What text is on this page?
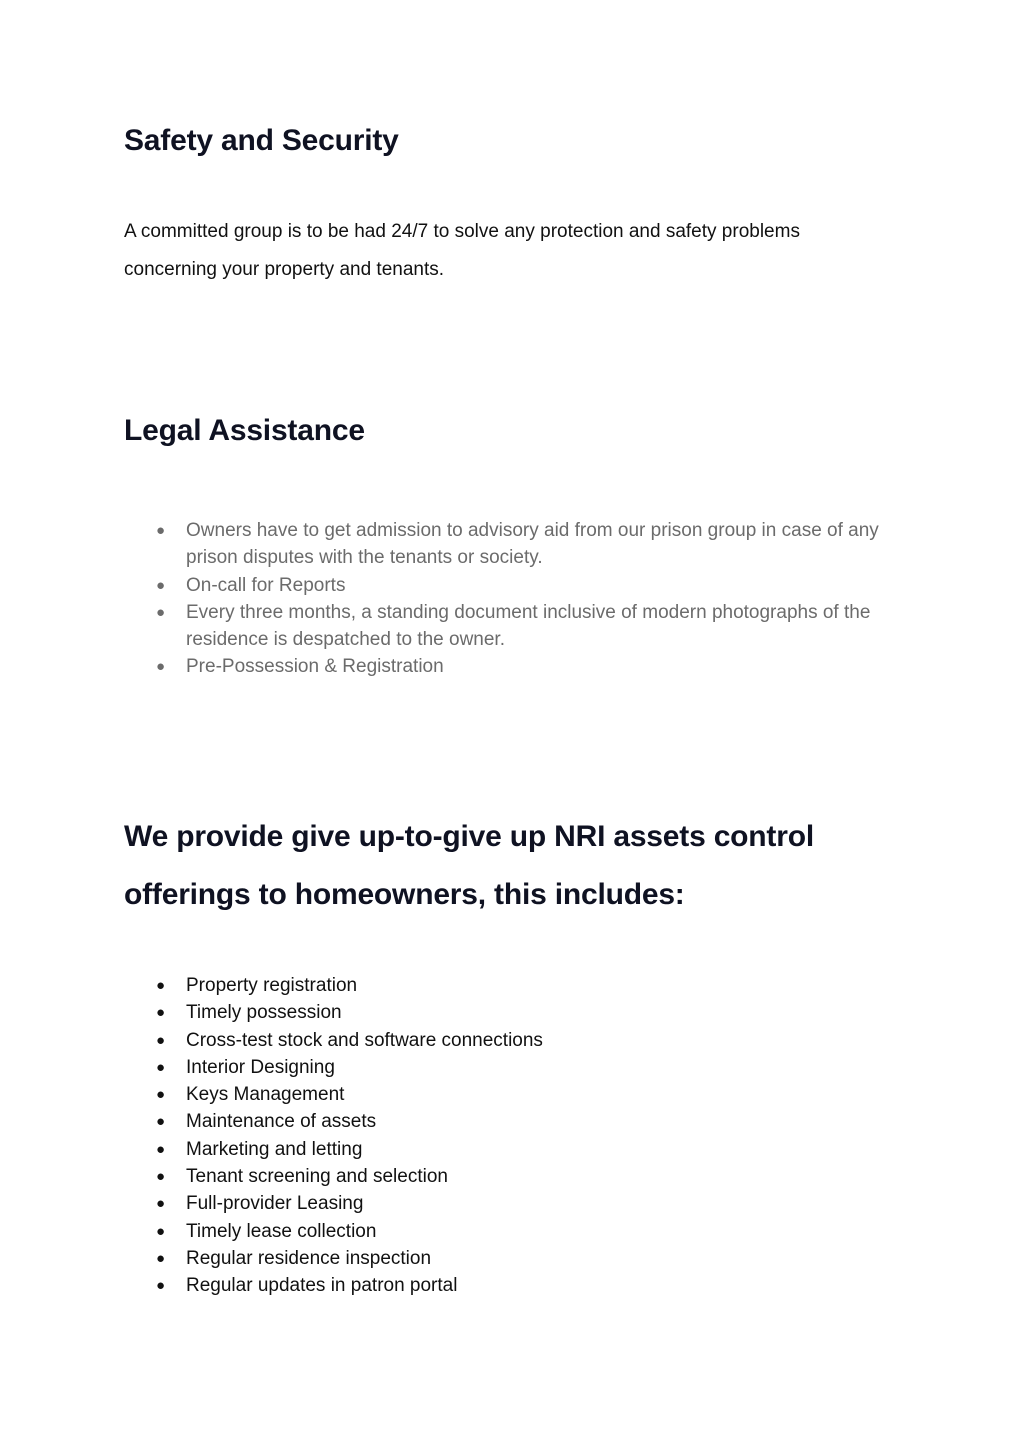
Safety and Security

A committed group is to be had 24/7 to solve any protection and safety problems concerning your property and tenants.

Legal Assistance
● Owners have to get admission to advisory aid from our prison group in case of any prison disputes with the tenants or society.
● On-call for Reports
● Every three months, a standing document inclusive of modern photographs of the residence is despatched to the owner.
● Pre-Possession & Registration
We provide give up-to-give up NRI assets control offerings to homeowners, this includes:
● Property registration
● Timely possession
● Cross-test stock and software connections
● Interior Designing
● Keys Management
● Maintenance of assets
● Marketing and letting
● Tenant screening and selection
● Full-provider Leasing
● Timely lease collection
● Regular residence inspection
● Regular updates in patron portal
